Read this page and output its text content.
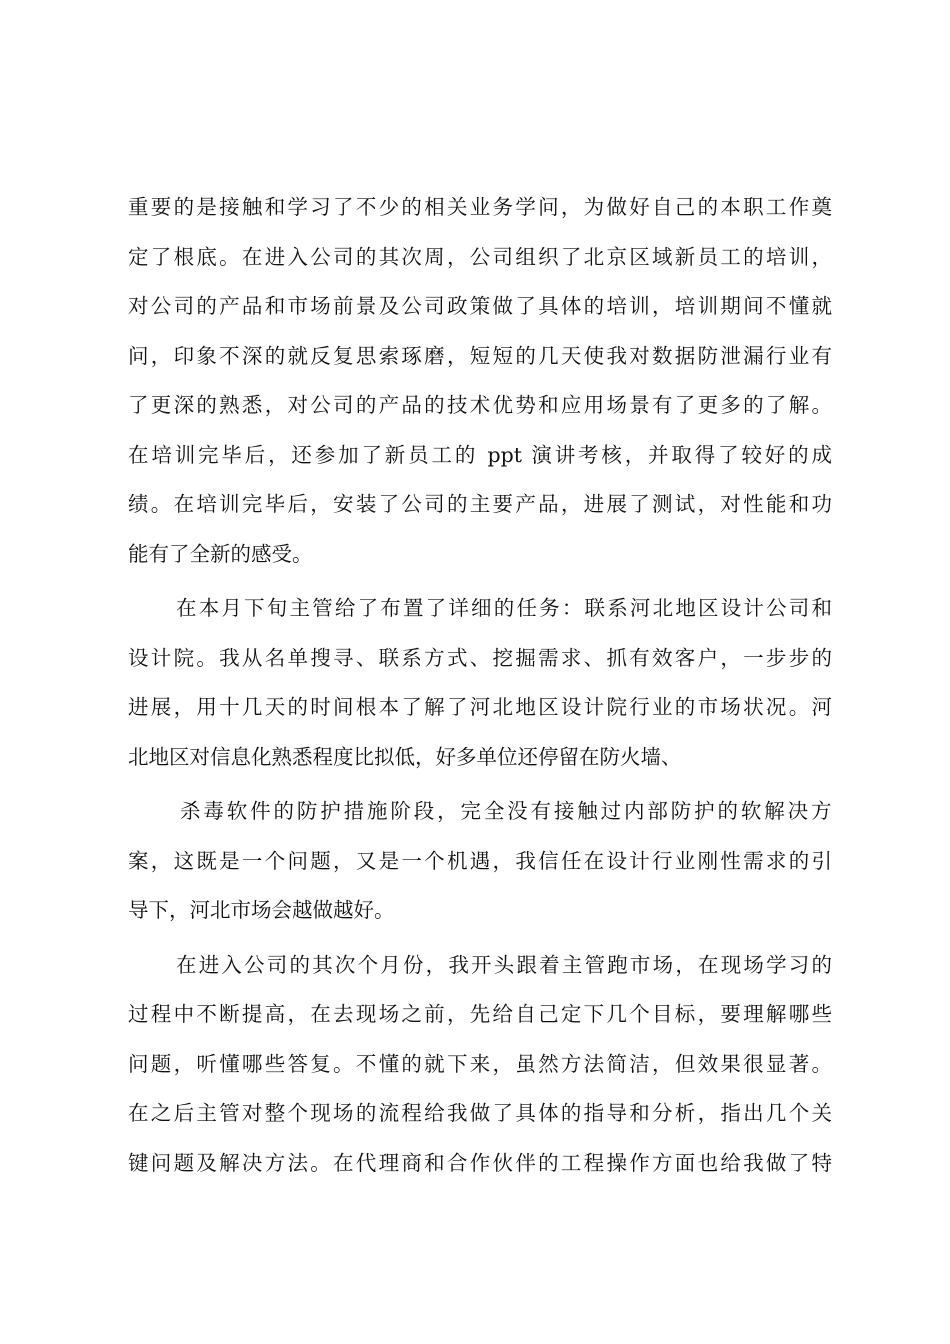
重要的是接触和学习了不少的相关业务学问，为做好自己的本职工作奠
定了根底。在进入公司的其次周，公司组织了北京区域新员工的培训，
对公司的产品和市场前景及公司政策做了具体的培训，培训期间不懂就
问，印象不深的就反复思索琢磨，短短的几天使我对数据防泄漏行业有
了更深的熟悉，对公司的产品的技术优势和应用场景有了更多的了解。
在培训完毕后，还参加了新员工的 ppt 演讲考核，并取得了较好的成
绩。在培训完毕后，安装了公司的主要产品，进展了测试，对性能和功
能有了全新的感受。
在本月下旬主管给了布置了详细的任务：联系河北地区设计公司和
设计院。我从名单搜寻、联系方式、挖掘需求、抓有效客户，一步步的
进展，用十几天的时间根本了解了河北地区设计院行业的市场状况。河
北地区对信息化熟悉程度比拟低，好多单位还停留在防火墙、
杀毒软件的防护措施阶段，完全没有接触过内部防护的软解决方
案，这既是一个问题，又是一个机遇，我信任在设计行业刚性需求的引
导下，河北市场会越做越好。
在进入公司的其次个月份，我开头跟着主管跑市场，在现场学习的
过程中不断提高，在去现场之前，先给自己定下几个目标，要理解哪些
问题，听懂哪些答复。不懂的就下来，虽然方法简洁，但效果很显著。
在之后主管对整个现场的流程给我做了具体的指导和分析，指出几个关
键问题及解决方法。在代理商和合作伙伴的工程操作方面也给我做了特
